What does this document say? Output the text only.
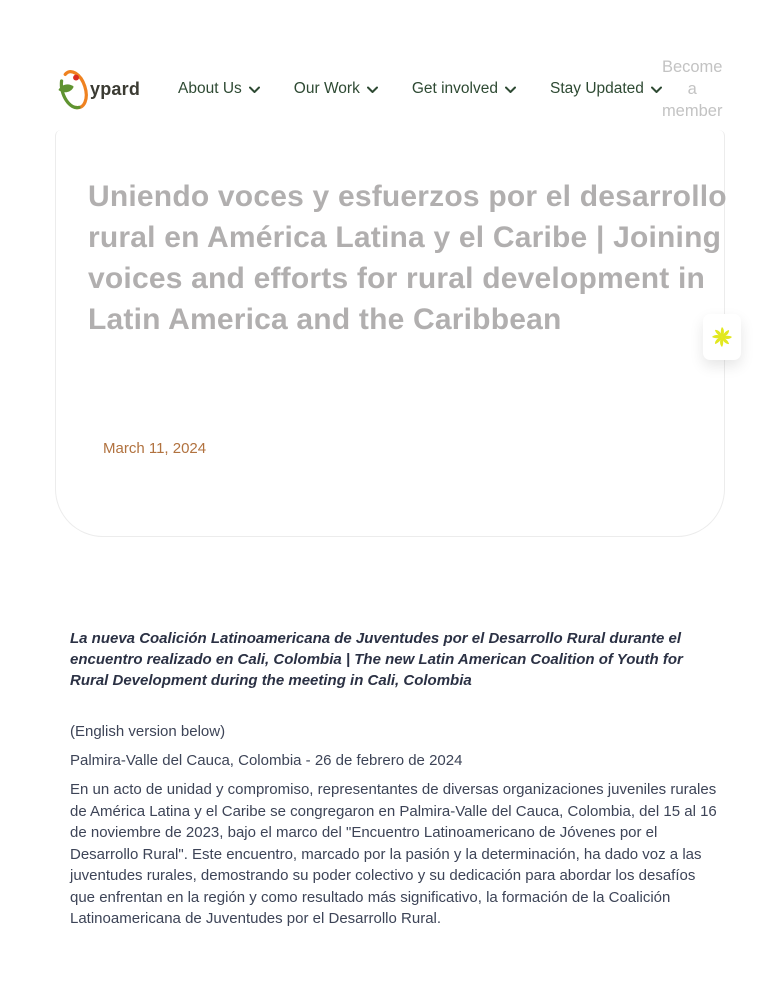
ypard About Us	Our Work	Get involved	Stay Updated
Become a member
Uniendo voces y esfuerzos por el desarrollo rural en América Latina y el Caribe | Joining voices and efforts for rural development in Latin America and the Caribbean
March 11, 2024
La nueva Coalición Latinoamericana de Juventudes por el Desarrollo Rural durante el encuentro realizado en Cali, Colombia | The new Latin American Coalition of Youth for Rural Development during the meeting in Cali, Colombia
(English version below)
Palmira-Valle del Cauca, Colombia - 26 de febrero de 2024
En un acto de unidad y compromiso, representantes de diversas organizaciones juveniles rurales de América Latina y el Caribe se congregaron en Palmira-Valle del Cauca, Colombia, del 15 al 16 de noviembre de 2023, bajo el marco del "Encuentro Latinoamericano de Jóvenes por el Desarrollo Rural". Este encuentro, marcado por la pasión y la determinación, ha dado voz a las juventudes rurales, demostrando su poder colectivo y su dedicación para abordar los desafíos que enfrentan en la región y como resultado más significativo, la formación de la Coalición Latinoamericana de Juventudes por el Desarrollo Rural.
